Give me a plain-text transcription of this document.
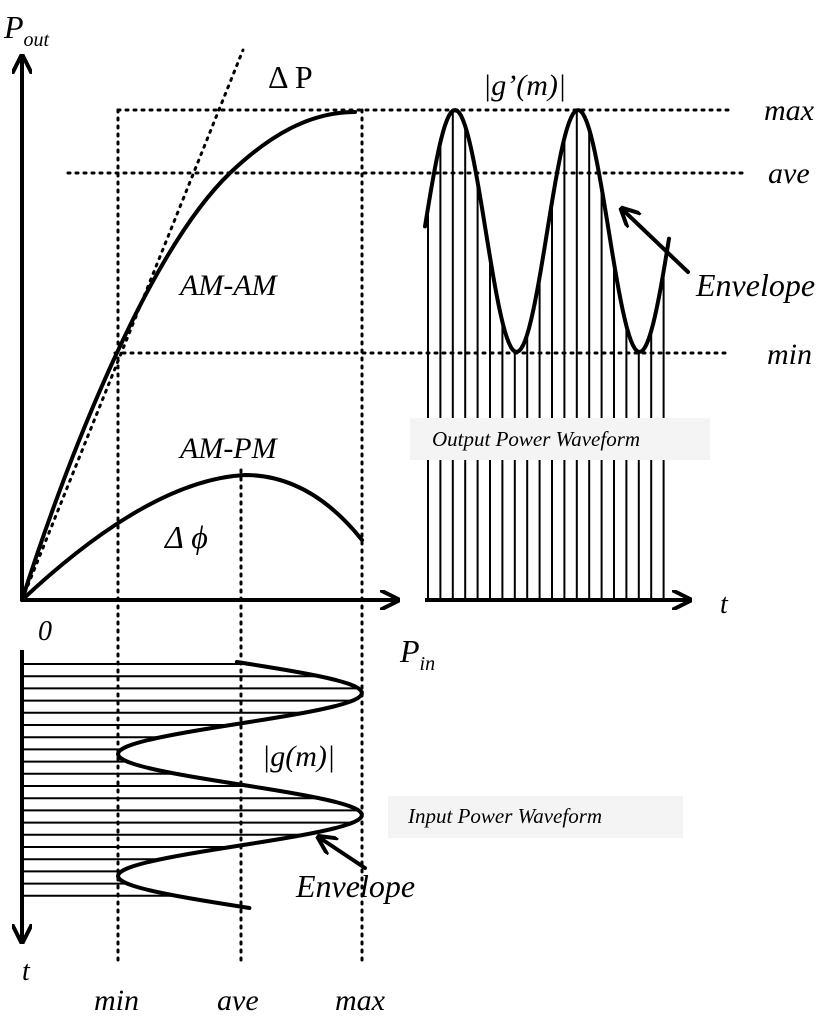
$P_{out}$
$P_{in}$
0
t
t
max
ave
min
min	ave	max
Δ P
AM-AM
AM-PM
Δ ϕ
|g’(m)|
Output Power Waveform
Envelope
|g(m)|
Input Power Waveform
Envelope
